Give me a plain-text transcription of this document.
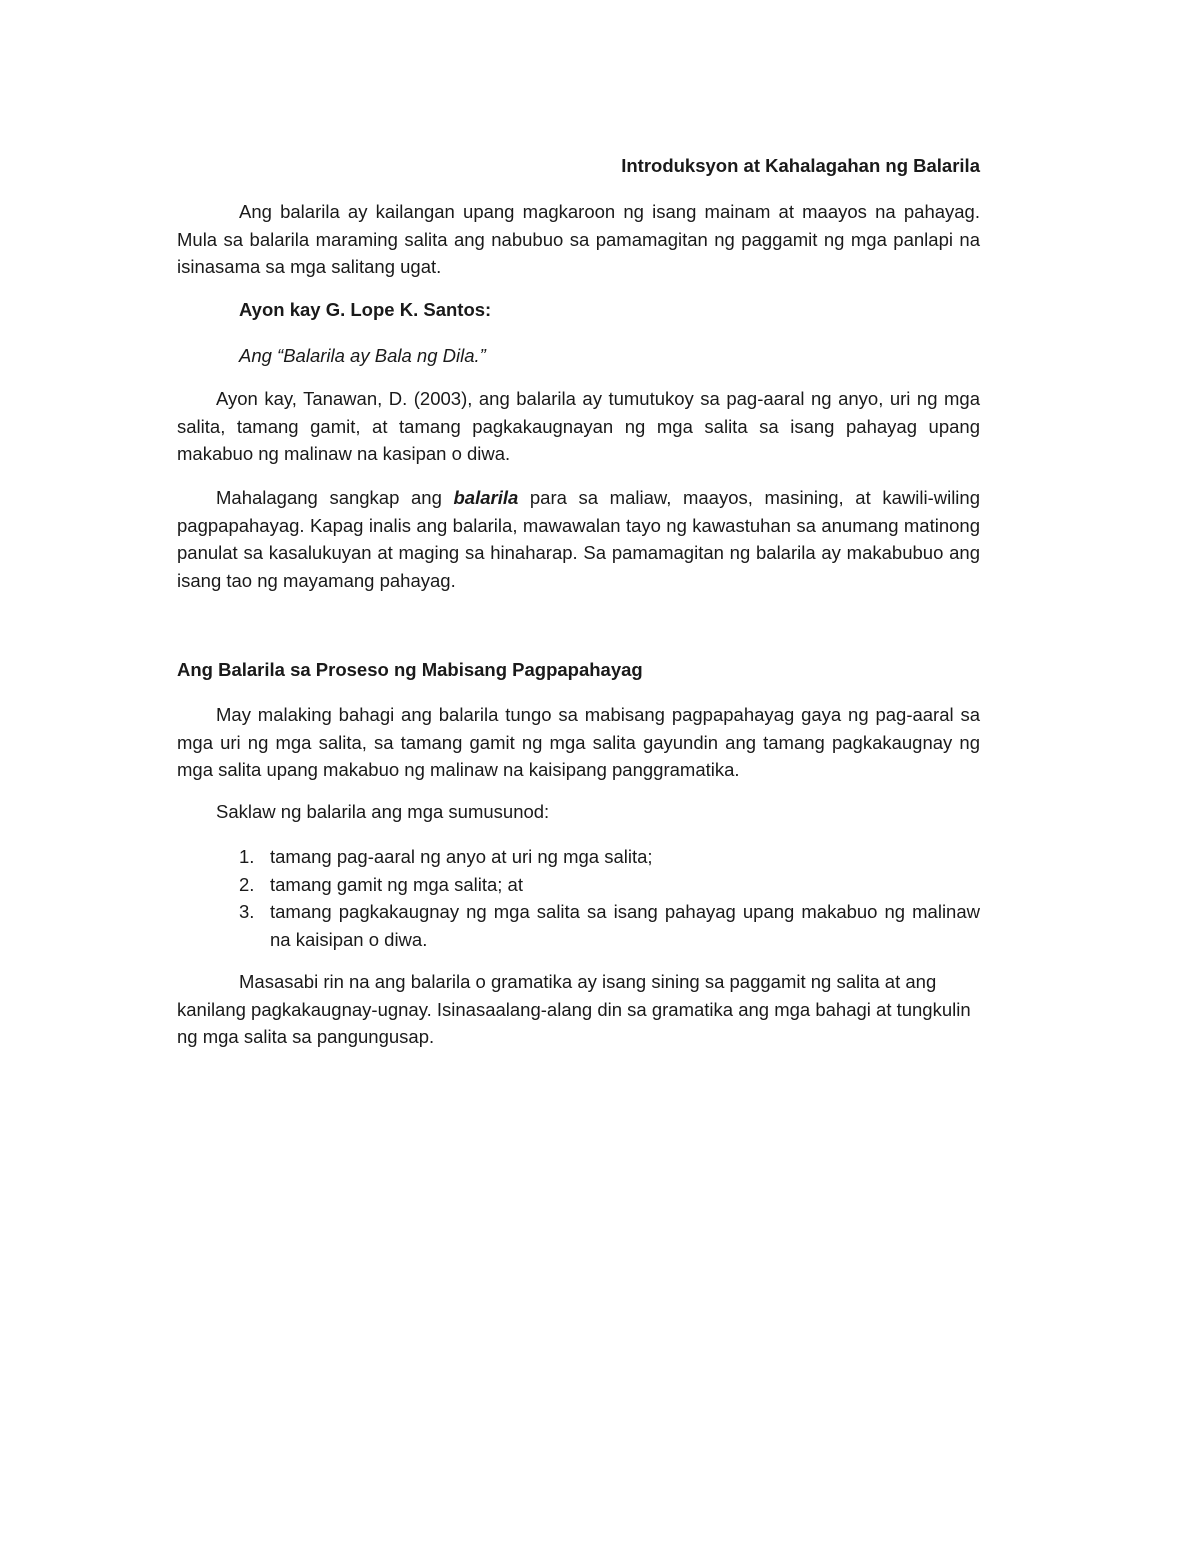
Introduksyon at Kahalagahan ng Balarila

Ang balarila ay kailangan upang magkaroon ng isang mainam at maayos na pahayag. Mula sa balarila maraming salita ang nabubuo sa pamamagitan ng paggamit ng mga panlapi na isinasama sa mga salitang ugat.

Ayon kay G. Lope K. Santos:
Ang “Balarila ay Bala ng Dila.”

Ayon kay, Tanawan, D. (2003), ang balarila ay tumutukoy sa pag-aaral ng anyo, uri ng mga salita, tamang gamit, at tamang pagkakaugnayan ng mga salita sa isang pahayag upang makabuo ng malinaw na kasipan o diwa.

Mahalagang sangkap ang balarila para sa maliaw, maayos, masining, at kawili-wiling pagpapahayag. Kapag inalis ang balarila, mawawalan tayo ng kawastuhan sa anumang matinong panulat sa kasalukuyan at maging sa hinaharap. Sa pamamagitan ng balarila ay makabubuo ang isang tao ng mayamang pahayag.

Ang Balarila sa Proseso ng Mabisang Pagpapahayag

May malaking bahagi ang balarila tungo sa mabisang pagpapahayag gaya ng pag-aaral sa mga uri ng mga salita, sa tamang gamit ng mga salita gayundin ang tamang pagkakaugnay ng mga salita upang makabuo ng malinaw na kaisipang panggramatika.

Saklaw ng balarila ang mga sumusunod:
1. tamang pag-aaral ng anyo at uri ng mga salita;
2. tamang gamit ng mga salita; at
3. tamang pagkakaugnay ng mga salita sa isang pahayag upang makabuo ng malinaw na kaisipan o diwa.

Masasabi rin na ang balarila o gramatika ay isang sining sa paggamit ng salita at ang kanilang pagkakaugnay-ugnay. Isinasaalang-alang din sa gramatika ang mga bahagi at tungkulin ng mga salita sa pangungusap.
